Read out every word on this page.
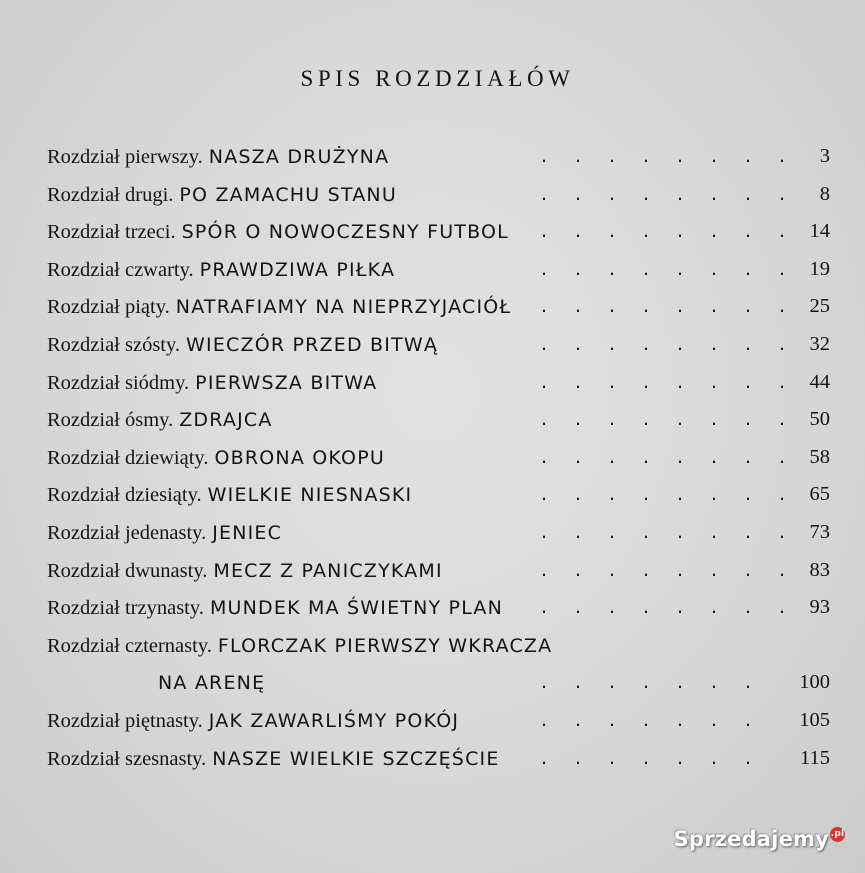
SPIS ROZDZIAŁÓW
Rozdział pierwszy. NASZA DRUŻYNA	3
. . . . . . . .
Rozdział drugi. PO ZAMACHU STANU	8
. . . . . . . .
Rozdział trzeci. SPÓR O NOWOCZESNY FUTBOL	14
. . . . . . . .
Rozdział czwarty. PRAWDZIWA PIŁKA	19
. . . . . . . .
Rozdział piąty. NATRAFIAMY NA NIEPRZYJACIÓŁ	25
. . . . . . . .
Rozdział szósty. WIECZÓR PRZED BITWĄ	32
. . . . . . . .
Rozdział siódmy. PIERWSZA BITWA	44
. . . . . . . .
Rozdział ósmy. ZDRAJCA	50
. . . . . . . .
Rozdział dziewiąty. OBRONA OKOPU	58
. . . . . . . .
Rozdział dziesiąty. WIELKIE NIESNASKI	65
. . . . . . . .
Rozdział jedenasty. JENIEC	73
. . . . . . . .
Rozdział dwunasty. MECZ Z PANICZYKAMI	83
. . . . . . . .
Rozdział trzynasty. MUNDEK MA ŚWIETNY PLAN	93
. . . . . . . .
Rozdział czternasty. FLORCZAK PIERWSZY WKRACZA
NA ARENĘ	100
. . . . . . .
Rozdział piętnasty. JAK ZAWARLIŚMY POKÓJ	105
. . . . . . .
Rozdział szesnasty. NASZE WIELKIE SZCZĘŚCIE	115
. . . . . . .
Sprzedajemy .pl
